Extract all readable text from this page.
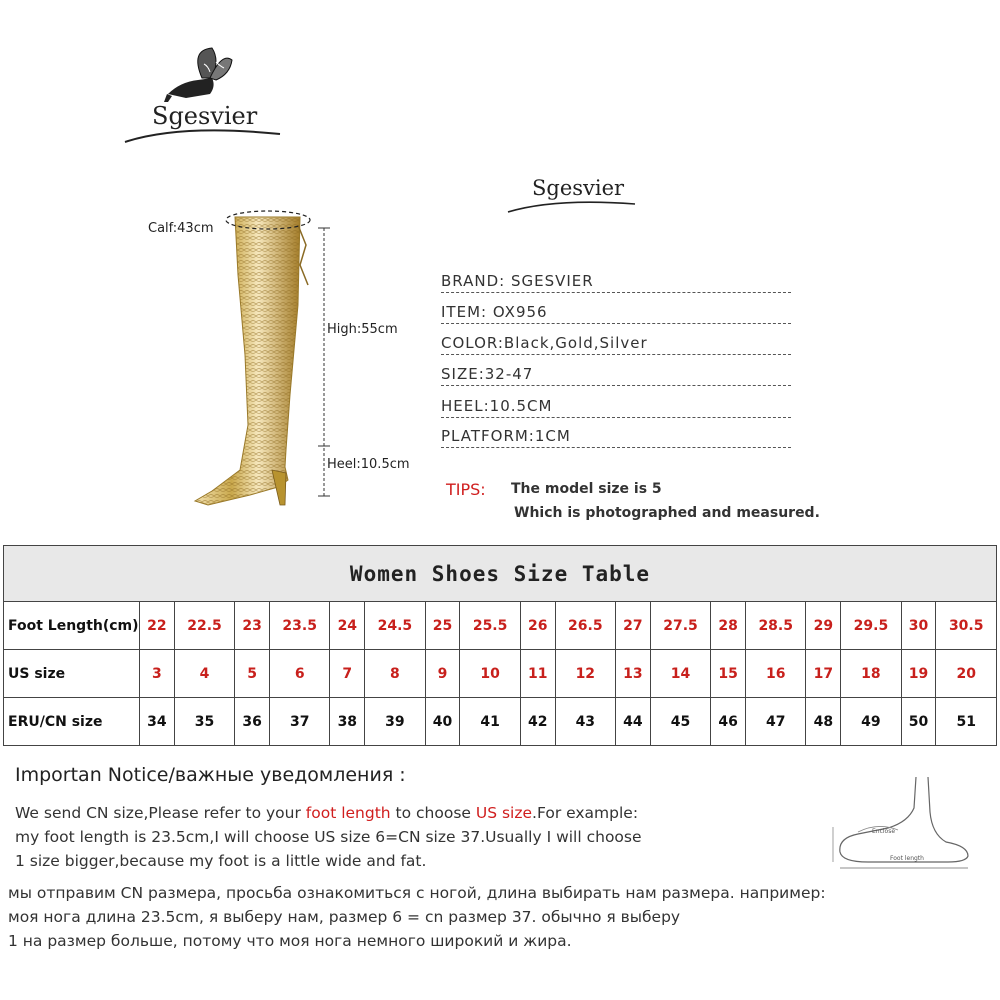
Sgesvier
Sgesvier
Calf:43cm
High:55cm
Heel:10.5cm
BRAND: SGESVIER
ITEM: OX956
COLOR:Black,Gold,Silver
SIZE:32-47
HEEL:10.5CM
PLATFORM:1CM
TIPS: The model size is 5
Which is photographed and measured.
Women Shoes Size Table																		
Foot Length(cm)	22	22.5	23	23.5	24	24.5	25	25.5	26	26.5	27	27.5	28	28.5	29	29.5	30	30.5
US size	3	4	5	6	7	8	9	10	11	12	13	14	15	16	17	18	19	20
ERU/CN size	34	35	36	37	38	39	40	41	42	43	44	45	46	47	48	49	50	51
Importan Notice/важные уведомления :
We send CN size,Please refer to your foot length to choose US size.For example:
my foot length is 23.5cm,I will choose US size 6=CN size 37.Usually I will choose
1 size bigger,because my foot is a little wide and fat.
мы отправим CN размера, просьба ознакомиться с ногой, длина выбирать нам размера. например:
моя нога длина 23.5cm, я выберу нам, размер 6 = cn размер 37. обычно я выберу
1 на размер больше, потому что моя нога немного широкий и жира.
Enclose
Foot length
